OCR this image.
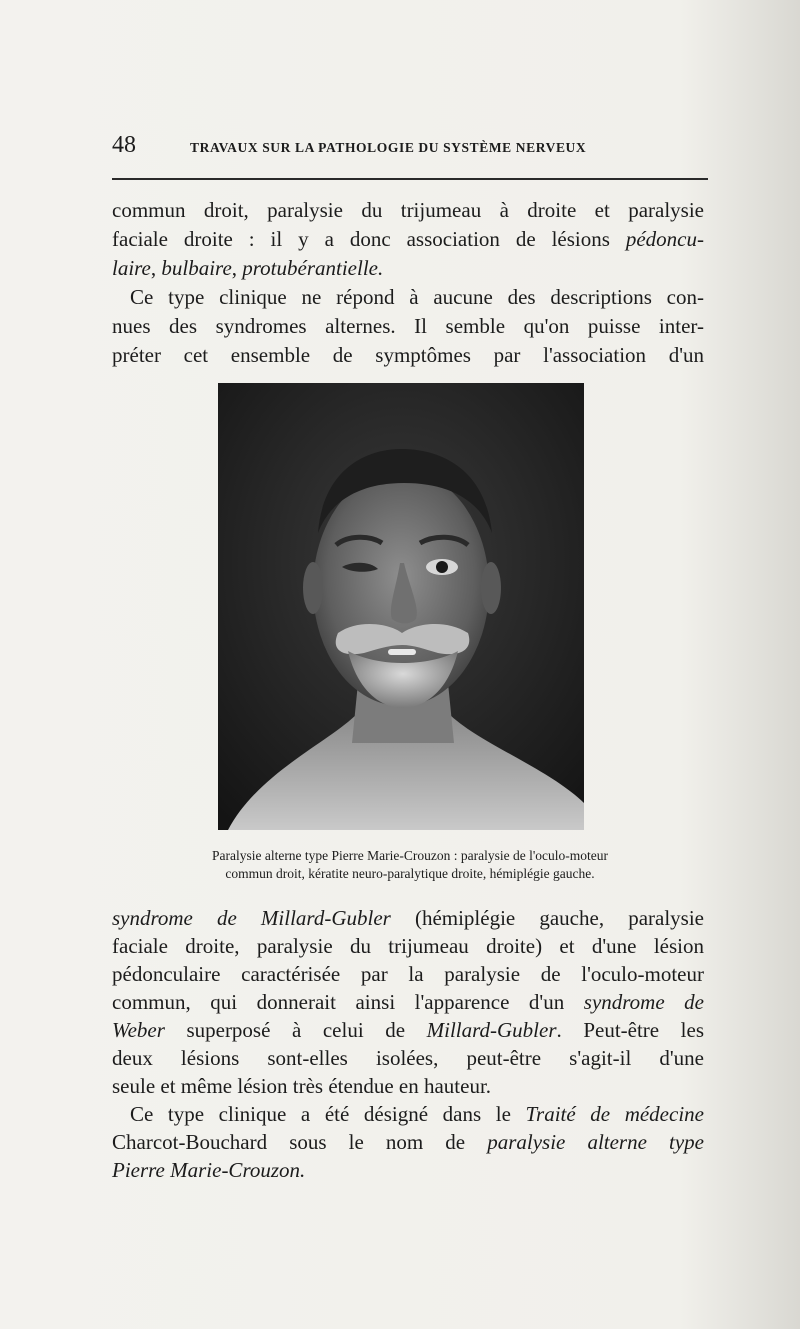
48	TRAVAUX SUR LA PATHOLOGIE DU SYSTÈME NERVEUX
commun droit, paralysie du trijumeau à droite et paralysie
faciale droite : il y a donc association de lésions pédoncu-
laire, bulbaire, protubérantielle.
Ce type clinique ne répond à aucune des descriptions con-
nues des syndromes alternes. Il semble qu'on puisse inter-
préter cet ensemble de symptômes par l'association d'un
Paralysie alterne type Pierre Marie-Crouzon : paralysie de l'oculo-moteur
commun droit, kératite neuro-paralytique droite, hémiplégie gauche.
syndrome de Millard-Gubler (hémiplégie gauche, paralysie
faciale droite, paralysie du trijumeau droite) et d'une lésion
pédonculaire caractérisée par la paralysie de l'oculo-moteur
commun, qui donnerait ainsi l'apparence d'un syndrome de
Weber superposé à celui de Millard-Gubler. Peut-être les
deux lésions sont-elles isolées, peut-être s'agit-il d'une
seule et même lésion très étendue en hauteur.
Ce type clinique a été désigné dans le Traité de médecine
Charcot-Bouchard sous le nom de paralysie alterne type
Pierre Marie-Crouzon.
